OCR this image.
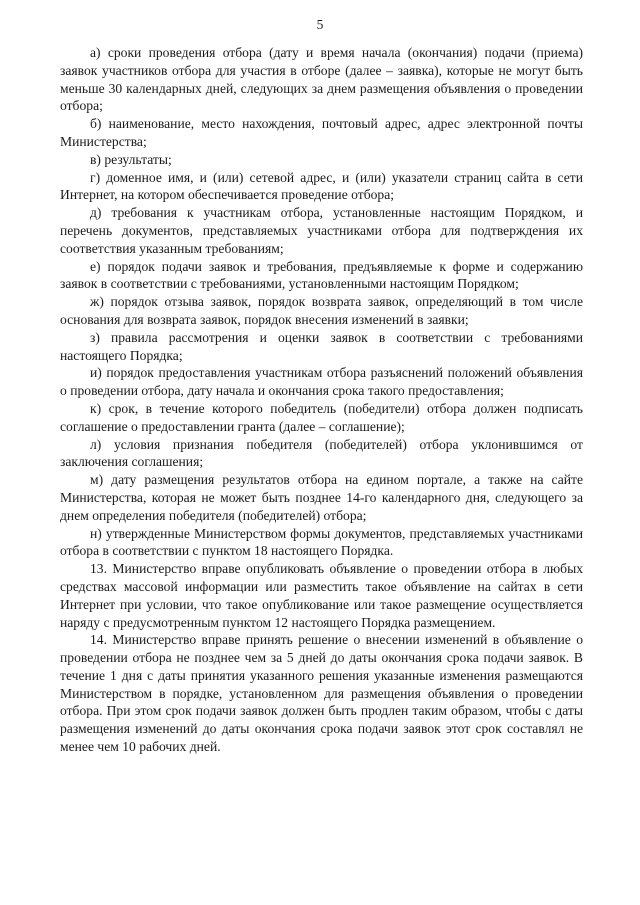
5

а) сроки проведения отбора (дату и время начала (окончания) подачи (приема) заявок участников отбора для участия в отборе (далее – заявка), которые не могут быть меньше 30 календарных дней, следующих за днем размещения объявления о проведении отбора;

б) наименование, место нахождения, почтовый адрес, адрес электронной почты Министерства;

в) результаты;

г) доменное имя, и (или) сетевой адрес, и (или) указатели страниц сайта в сети Интернет, на котором обеспечивается проведение отбора;

д) требования к участникам отбора, установленные настоящим Порядком, и перечень документов, представляемых участниками отбора для подтверждения их соответствия указанным требованиям;

е) порядок подачи заявок и требования, предъявляемые к форме и содержанию заявок в соответствии с требованиями, установленными настоящим Порядком;

ж) порядок отзыва заявок, порядок возврата заявок, определяющий в том числе основания для возврата заявок, порядок внесения изменений в заявки;

з) правила рассмотрения и оценки заявок в соответствии с требованиями настоящего Порядка;

и) порядок предоставления участникам отбора разъяснений положений объявления о проведении отбора, дату начала и окончания срока такого предоставления;

к) срок, в течение которого победитель (победители) отбора должен подписать соглашение о предоставлении гранта (далее – соглашение);

л) условия признания победителя (победителей) отбора уклонившимся от заключения соглашения;

м) дату размещения результатов отбора на едином портале, а также на сайте Министерства, которая не может быть позднее 14-го календарного дня, следующего за днем определения победителя (победителей) отбора;

н) утвержденные Министерством формы документов, представляемых участниками отбора в соответствии с пунктом 18 настоящего Порядка.

13. Министерство вправе опубликовать объявление о проведении отбора в любых средствах массовой информации или разместить такое объявление на сайтах в сети Интернет при условии, что такое опубликование или такое размещение осуществляется наряду с предусмотренным пунктом 12 настоящего Порядка размещением.

14. Министерство вправе принять решение о внесении изменений в объявление о проведении отбора не позднее чем за 5 дней до даты окончания срока подачи заявок. В течение 1 дня с даты принятия указанного решения указанные изменения размещаются Министерством в порядке, установленном для размещения объявления о проведении отбора. При этом срок подачи заявок должен быть продлен таким образом, чтобы с даты размещения изменений до даты окончания срока подачи заявок этот срок составлял не менее чем 10 рабочих дней.
